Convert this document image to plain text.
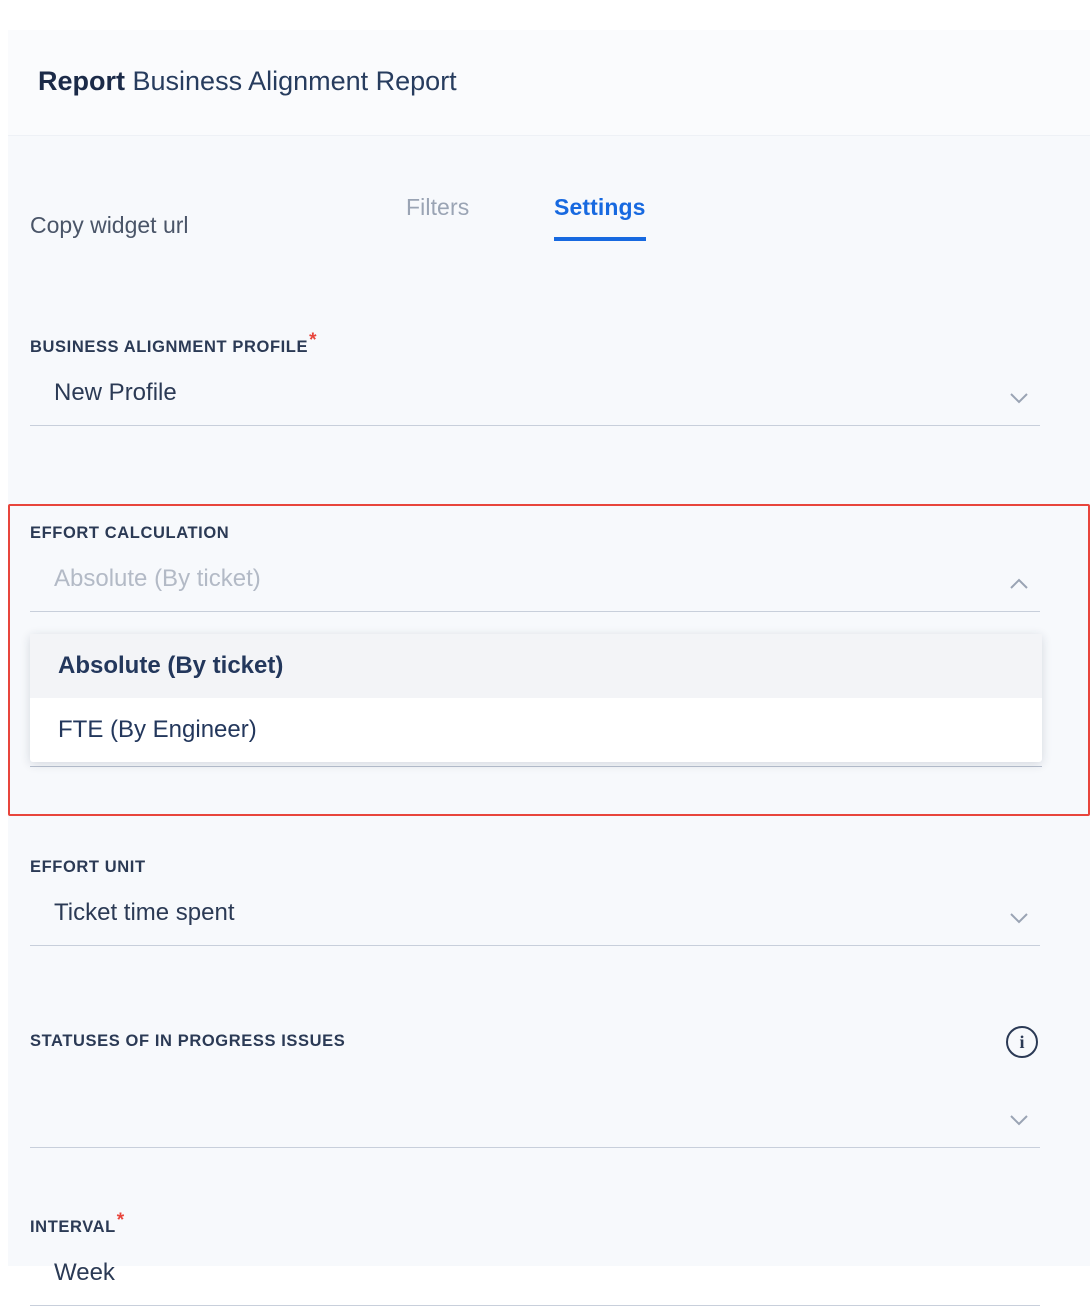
Report Business Alignment Report
Filters	Settings
Copy widget url
BUSINESS ALIGNMENT PROFILE*
New Profile
EFFORT CALCULATION
Absolute (By ticket)
Absolute (By ticket)
FTE (By Engineer)
EFFORT UNIT
Ticket time spent
STATUSES OF IN PROGRESS ISSUES	i
INTERVAL*
Week
